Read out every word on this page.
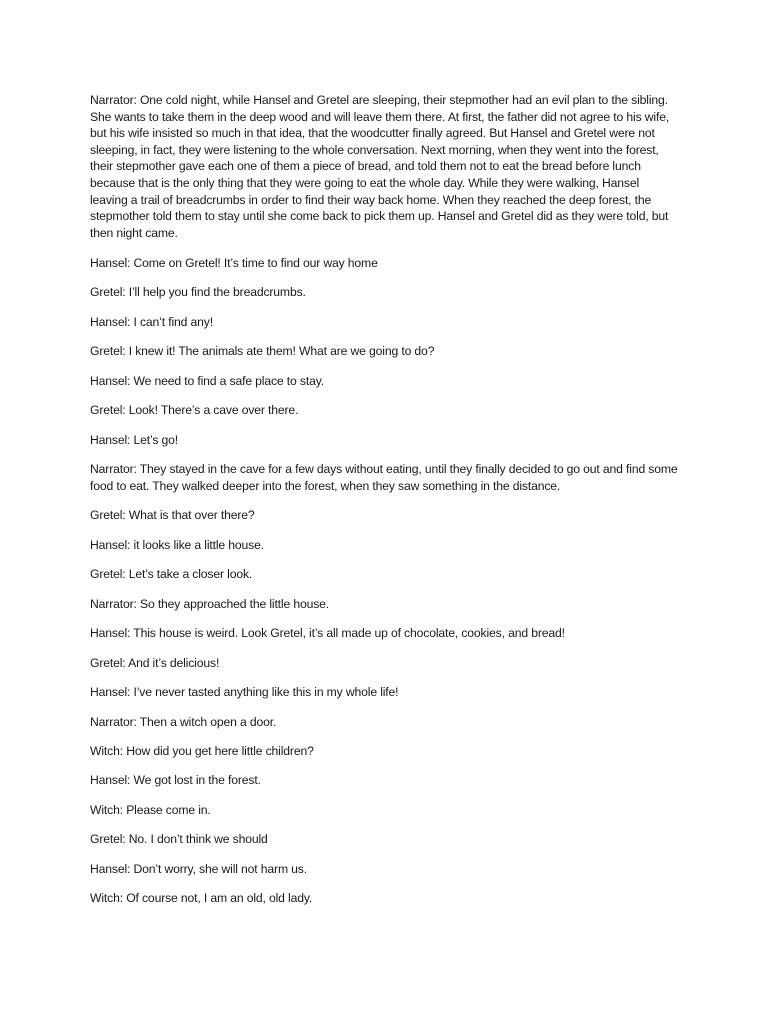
Narrator: One cold night, while Hansel and Gretel are sleeping, their stepmother had an evil plan to the sibling. She wants to take them in the deep wood and will leave them there. At first, the father did not agree to his wife, but his wife insisted so much in that idea, that the woodcutter finally agreed. But Hansel and Gretel were not sleeping, in fact, they were listening to the whole conversation. Next morning, when they went into the forest, their stepmother gave each one of them a piece of bread, and told them not to eat the bread before lunch because that is the only thing that they were going to eat the whole day. While they were walking, Hansel leaving a trail of breadcrumbs in order to find their way back home. When they reached the deep forest, the stepmother told them to stay until she come back to pick them up. Hansel and Gretel did as they were told, but then night came.

Hansel: Come on Gretel! It’s time to find our way home

Gretel: I’ll help you find the breadcrumbs.

Hansel: I can’t find any!

Gretel: I knew it! The animals ate them! What are we going to do?

Hansel: We need to find a safe place to stay.

Gretel: Look! There’s a cave over there.

Hansel: Let’s go!

Narrator: They stayed in the cave for a few days without eating, until they finally decided to go out and find some food to eat. They walked deeper into the forest, when they saw something in the distance.

Gretel: What is that over there?

Hansel: it looks like a little house.

Gretel: Let’s take a closer look.

Narrator: So they approached the little house.

Hansel: This house is weird. Look Gretel, it’s all made up of chocolate, cookies, and bread!

Gretel: And it’s delicious!

Hansel: I’ve never tasted anything like this in my whole life!

Narrator: Then a witch open a door.

Witch: How did you get here little children?

Hansel: We got lost in the forest.

Witch: Please come in.

Gretel: No. I don’t think we should

Hansel: Don’t worry, she will not harm us.

Witch: Of course not, I am an old, old lady.
